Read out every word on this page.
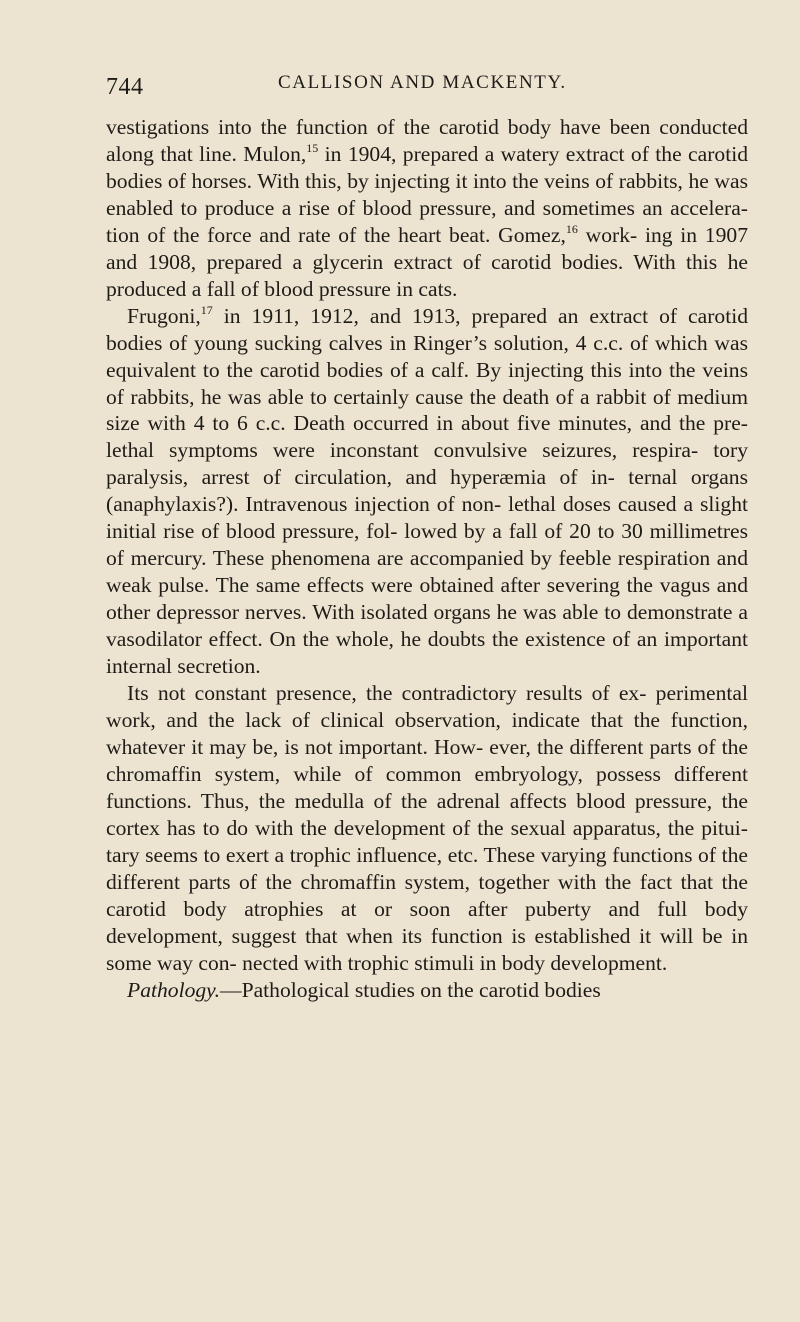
744	CALLISON AND MACKENTY.

vestigations into the function of the carotid body have been conducted along that line. Mulon,$^{15}$ in 1904, prepared a watery extract of the carotid bodies of horses. With this, by injecting it into the veins of rabbits, he was enabled to produce a rise of blood pressure, and sometimes an accelera- tion of the force and rate of the heart beat. Gomez,$^{16}$ work- ing in 1907 and 1908, prepared a glycerin extract of carotid bodies. With this he produced a fall of blood pressure in cats.

Frugoni,$^{17}$ in 1911, 1912, and 1913, prepared an extract of carotid bodies of young sucking calves in Ringer’s solution, 4 c.c. of which was equivalent to the carotid bodies of a calf. By injecting this into the veins of rabbits, he was able to certainly cause the death of a rabbit of medium size with 4 to 6 c.c. Death occurred in about five minutes, and the pre- lethal symptoms were inconstant convulsive seizures, respira- tory paralysis, arrest of circulation, and hyperæmia of in- ternal organs (anaphylaxis?). Intravenous injection of non- lethal doses caused a slight initial rise of blood pressure, fol- lowed by a fall of 20 to 30 millimetres of mercury. These phenomena are accompanied by feeble respiration and weak pulse. The same effects were obtained after severing the vagus and other depressor nerves. With isolated organs he was able to demonstrate a vasodilator effect. On the whole, he doubts the existence of an important internal secretion.

Its not constant presence, the contradictory results of ex- perimental work, and the lack of clinical observation, indicate that the function, whatever it may be, is not important. How- ever, the different parts of the chromaffin system, while of common embryology, possess different functions. Thus, the medulla of the adrenal affects blood pressure, the cortex has to do with the development of the sexual apparatus, the pitui- tary seems to exert a trophic influence, etc. These varying functions of the different parts of the chromaffin system, together with the fact that the carotid body atrophies at or soon after puberty and full body development, suggest that when its function is established it will be in some way con- nected with trophic stimuli in body development.

Pathology.—Pathological studies on the carotid bodies
